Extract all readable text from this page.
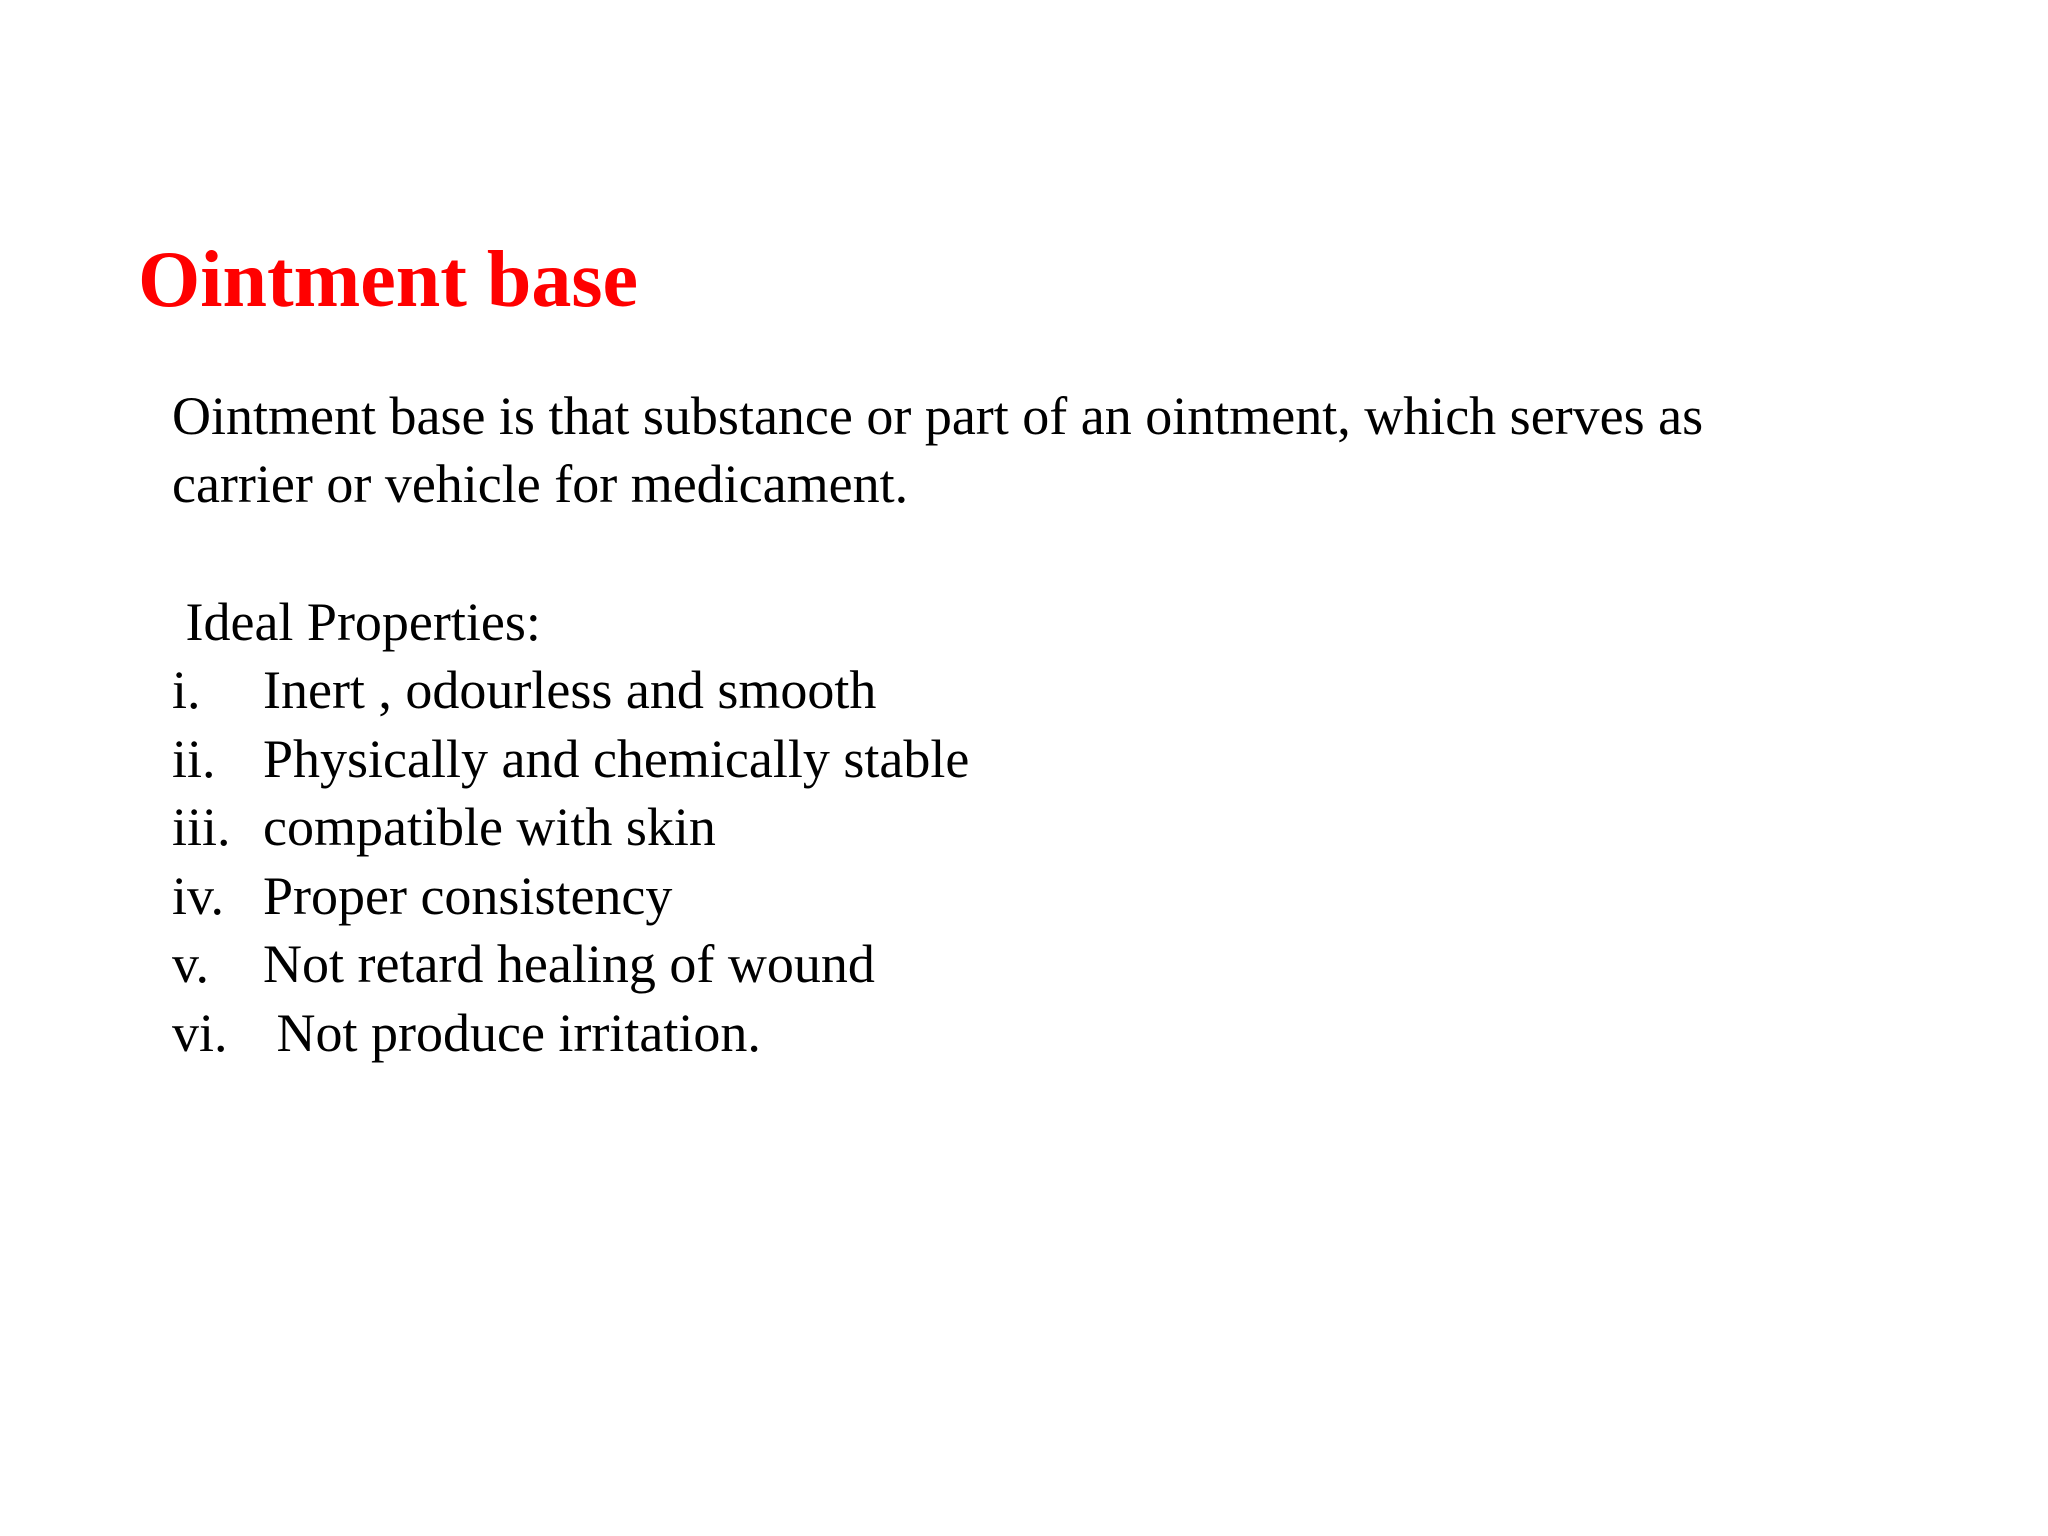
Ointment base

Ointment base is that substance or part of an ointment, which serves as
carrier or vehicle for medicament.

Ideal Properties:

i.	Inert , odourless and smooth
ii. Physically and chemically stable
iii. compatible with skin
iv. Proper consistency
v.	Not retard healing of wound
vi. Not produce irritation.
